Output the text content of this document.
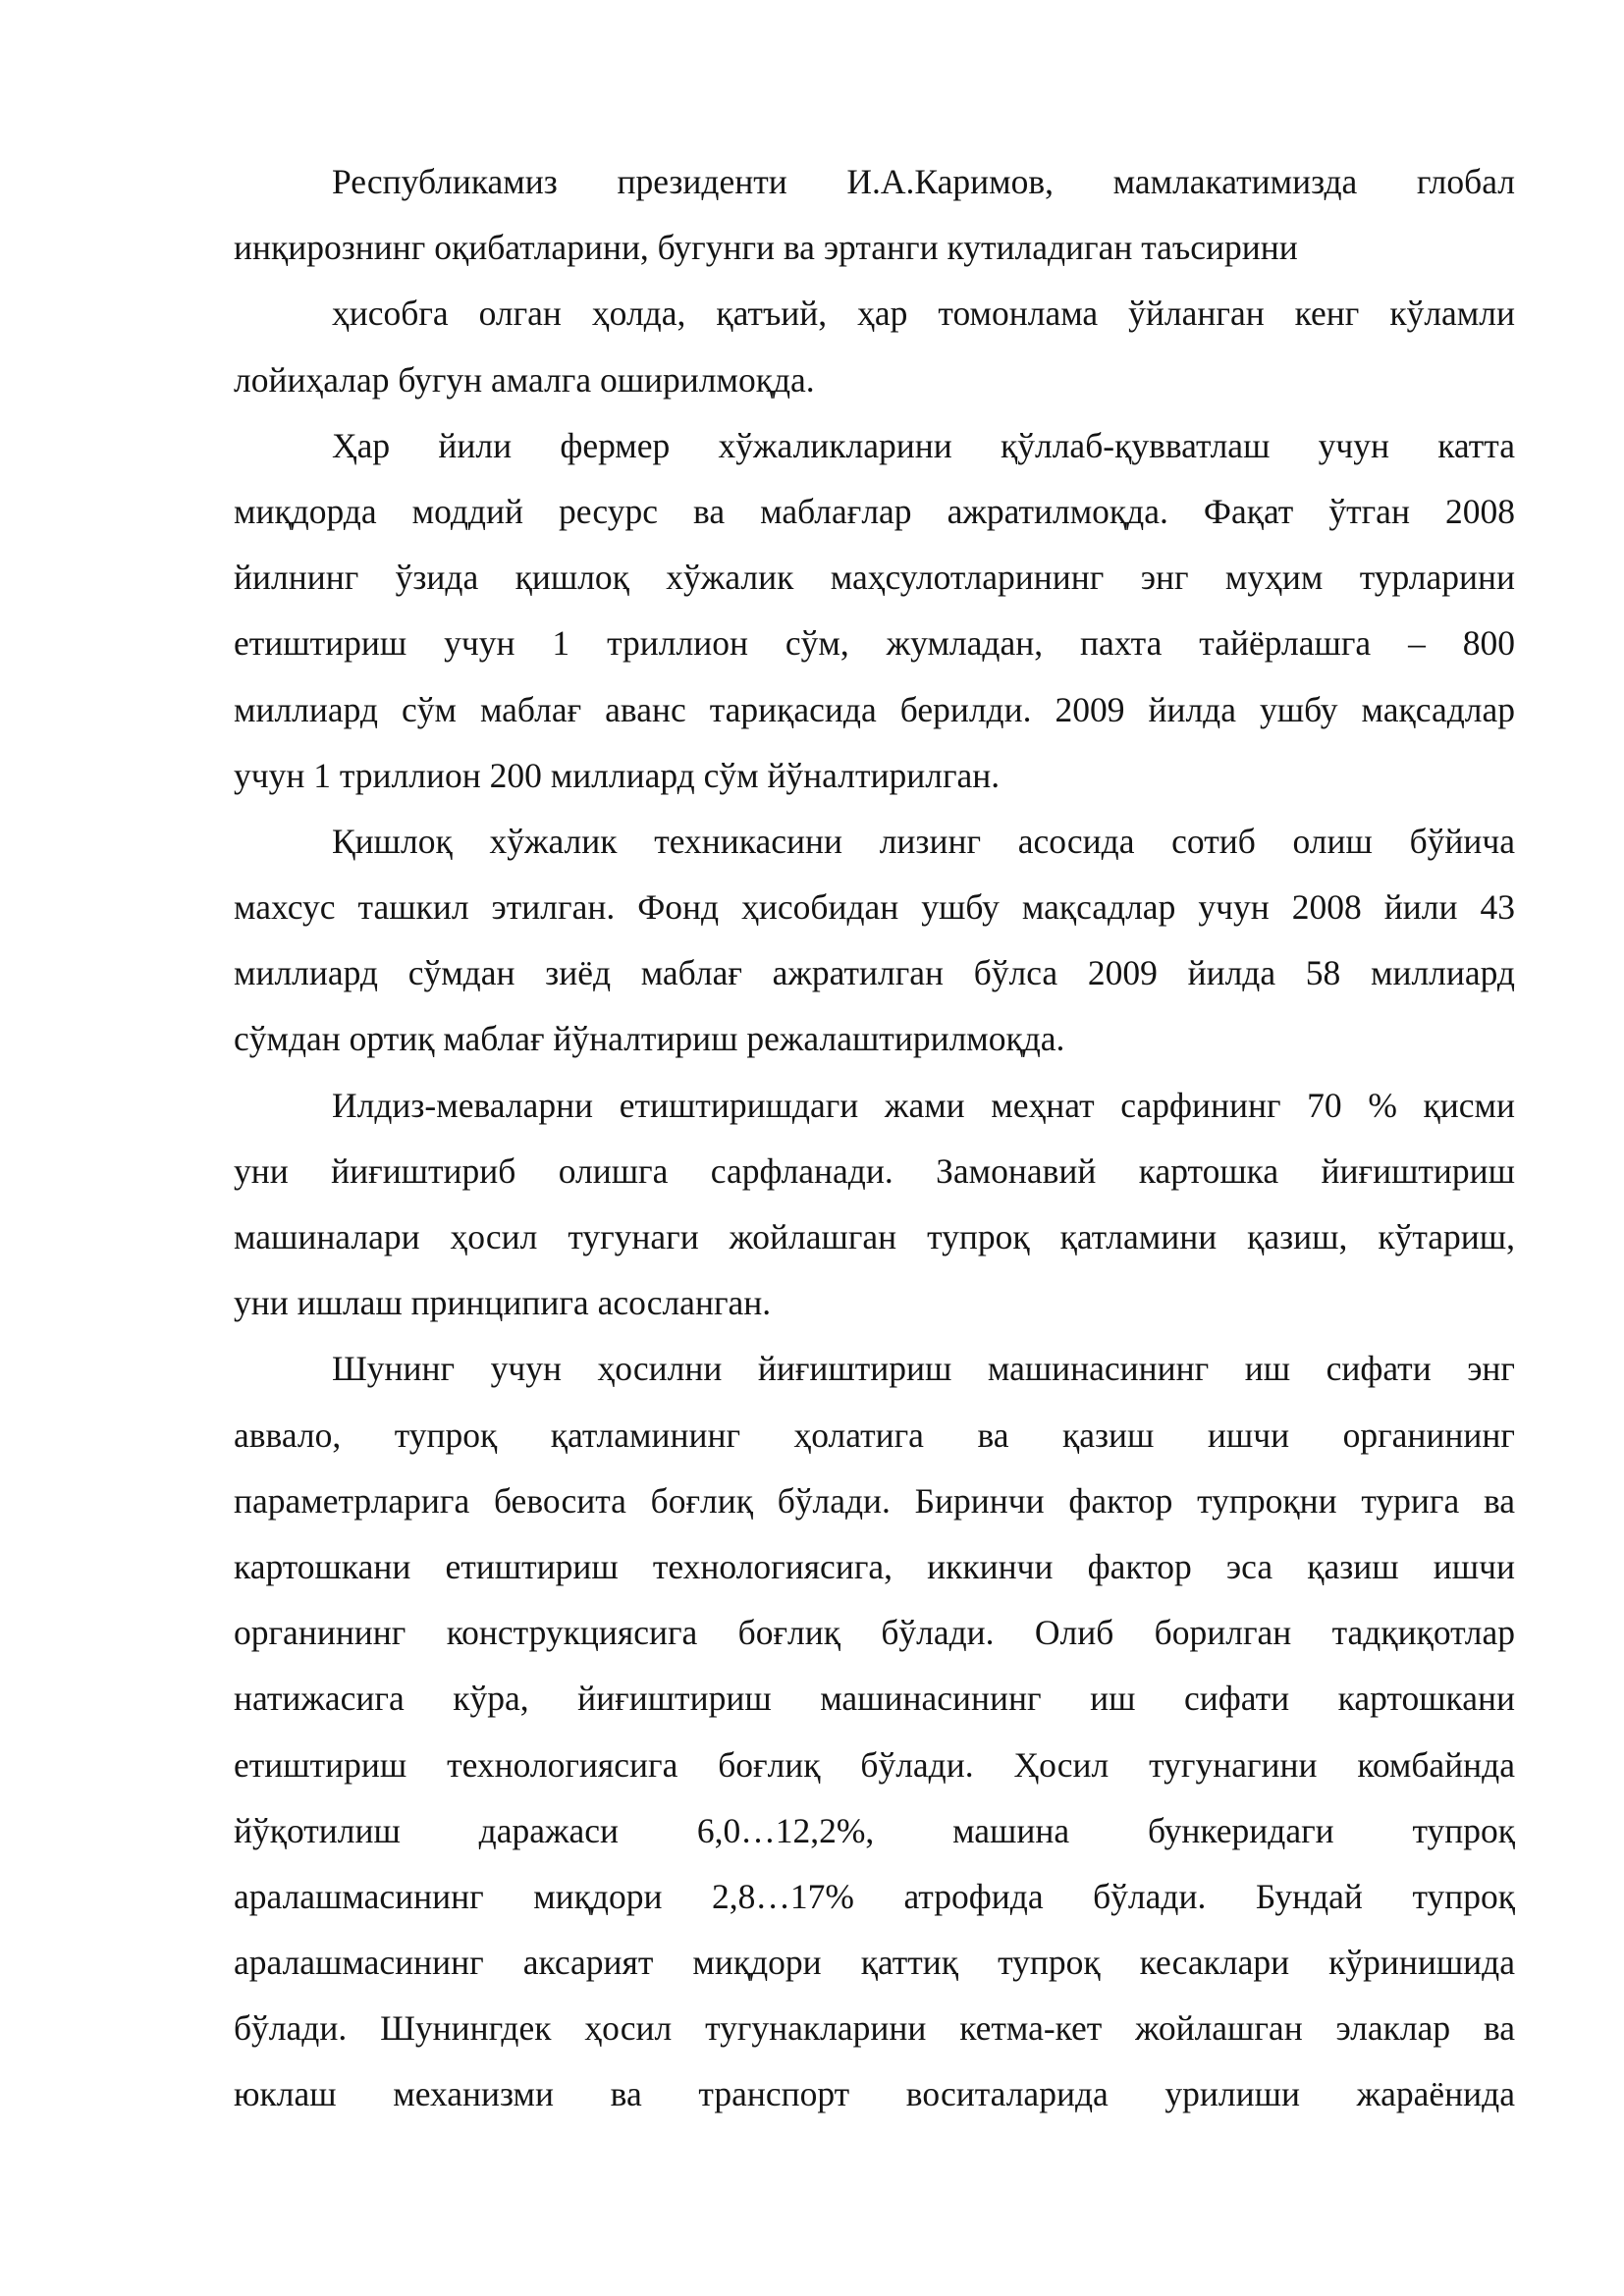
Республикамиз президенти И.А.Каримов, мамлакатимизда глобал
инқирознинг оқибатларини, бугунги ва эртанги кутиладиган таъсирини
ҳисобга олган ҳолда, қатъий, ҳар томонлама ўйланган кенг кўламли
лойиҳалар бугун амалга оширилмоқда.
Ҳар йили фермер хўжаликларини қўллаб-қувватлаш учун катта
миқдорда моддий ресурс ва маблағлар ажратилмоқда. Фақат ўтган 2008
йилнинг ўзида қишлоқ хўжалик маҳсулотларининг энг муҳим турларини
етиштириш учун 1 триллион сўм, жумладан, пахта тайёрлашга – 800
миллиард сўм маблағ аванс тариқасида берилди. 2009 йилда ушбу мақсадлар
учун 1 триллион 200 миллиард сўм йўналтирилган.
Қишлоқ хўжалик техникасини лизинг асосида сотиб олиш бўйича
махсус ташкил этилган. Фонд ҳисобидан ушбу мақсадлар учун 2008 йили 43
миллиард сўмдан зиёд маблағ ажратилган бўлса 2009 йилда 58 миллиард
сўмдан ортиқ маблағ йўналтириш режалаштирилмоқда.
Илдиз-меваларни етиштиришдаги жами меҳнат сарфининг 70 % қисми
уни йиғиштириб олишга сарфланади. Замонавий картошка йиғиштириш
машиналари ҳосил тугунаги жойлашган тупроқ қатламини қазиш, кўтариш,
уни ишлаш принципига асосланган.
Шунинг учун ҳосилни йиғиштириш машинасининг иш сифати энг
аввало, тупроқ қатламининг ҳолатига ва қазиш ишчи органининг
параметрларига бевосита боғлиқ бўлади. Биринчи фактор тупроқни турига ва
картошкани етиштириш технологиясига, иккинчи фактор эса қазиш ишчи
органининг конструкциясига боғлиқ бўлади. Олиб борилган тадқиқотлар
натижасига кўра, йиғиштириш машинасининг иш сифати картошкани
етиштириш технологиясига боғлиқ бўлади. Ҳосил тугунагини комбайнда
йўқотилиш даражаси 6,0…12,2%, машина бункеридаги тупроқ
аралашмасининг миқдори 2,8…17% атрофида бўлади. Бундай тупроқ
аралашмасининг аксарият миқдори қаттиқ тупроқ кесаклари кўринишида
бўлади. Шунингдек ҳосил тугунакларини кетма-кет жойлашган элаклар ва
юклаш механизми ва транспорт воситаларида урилиши жараёнида
